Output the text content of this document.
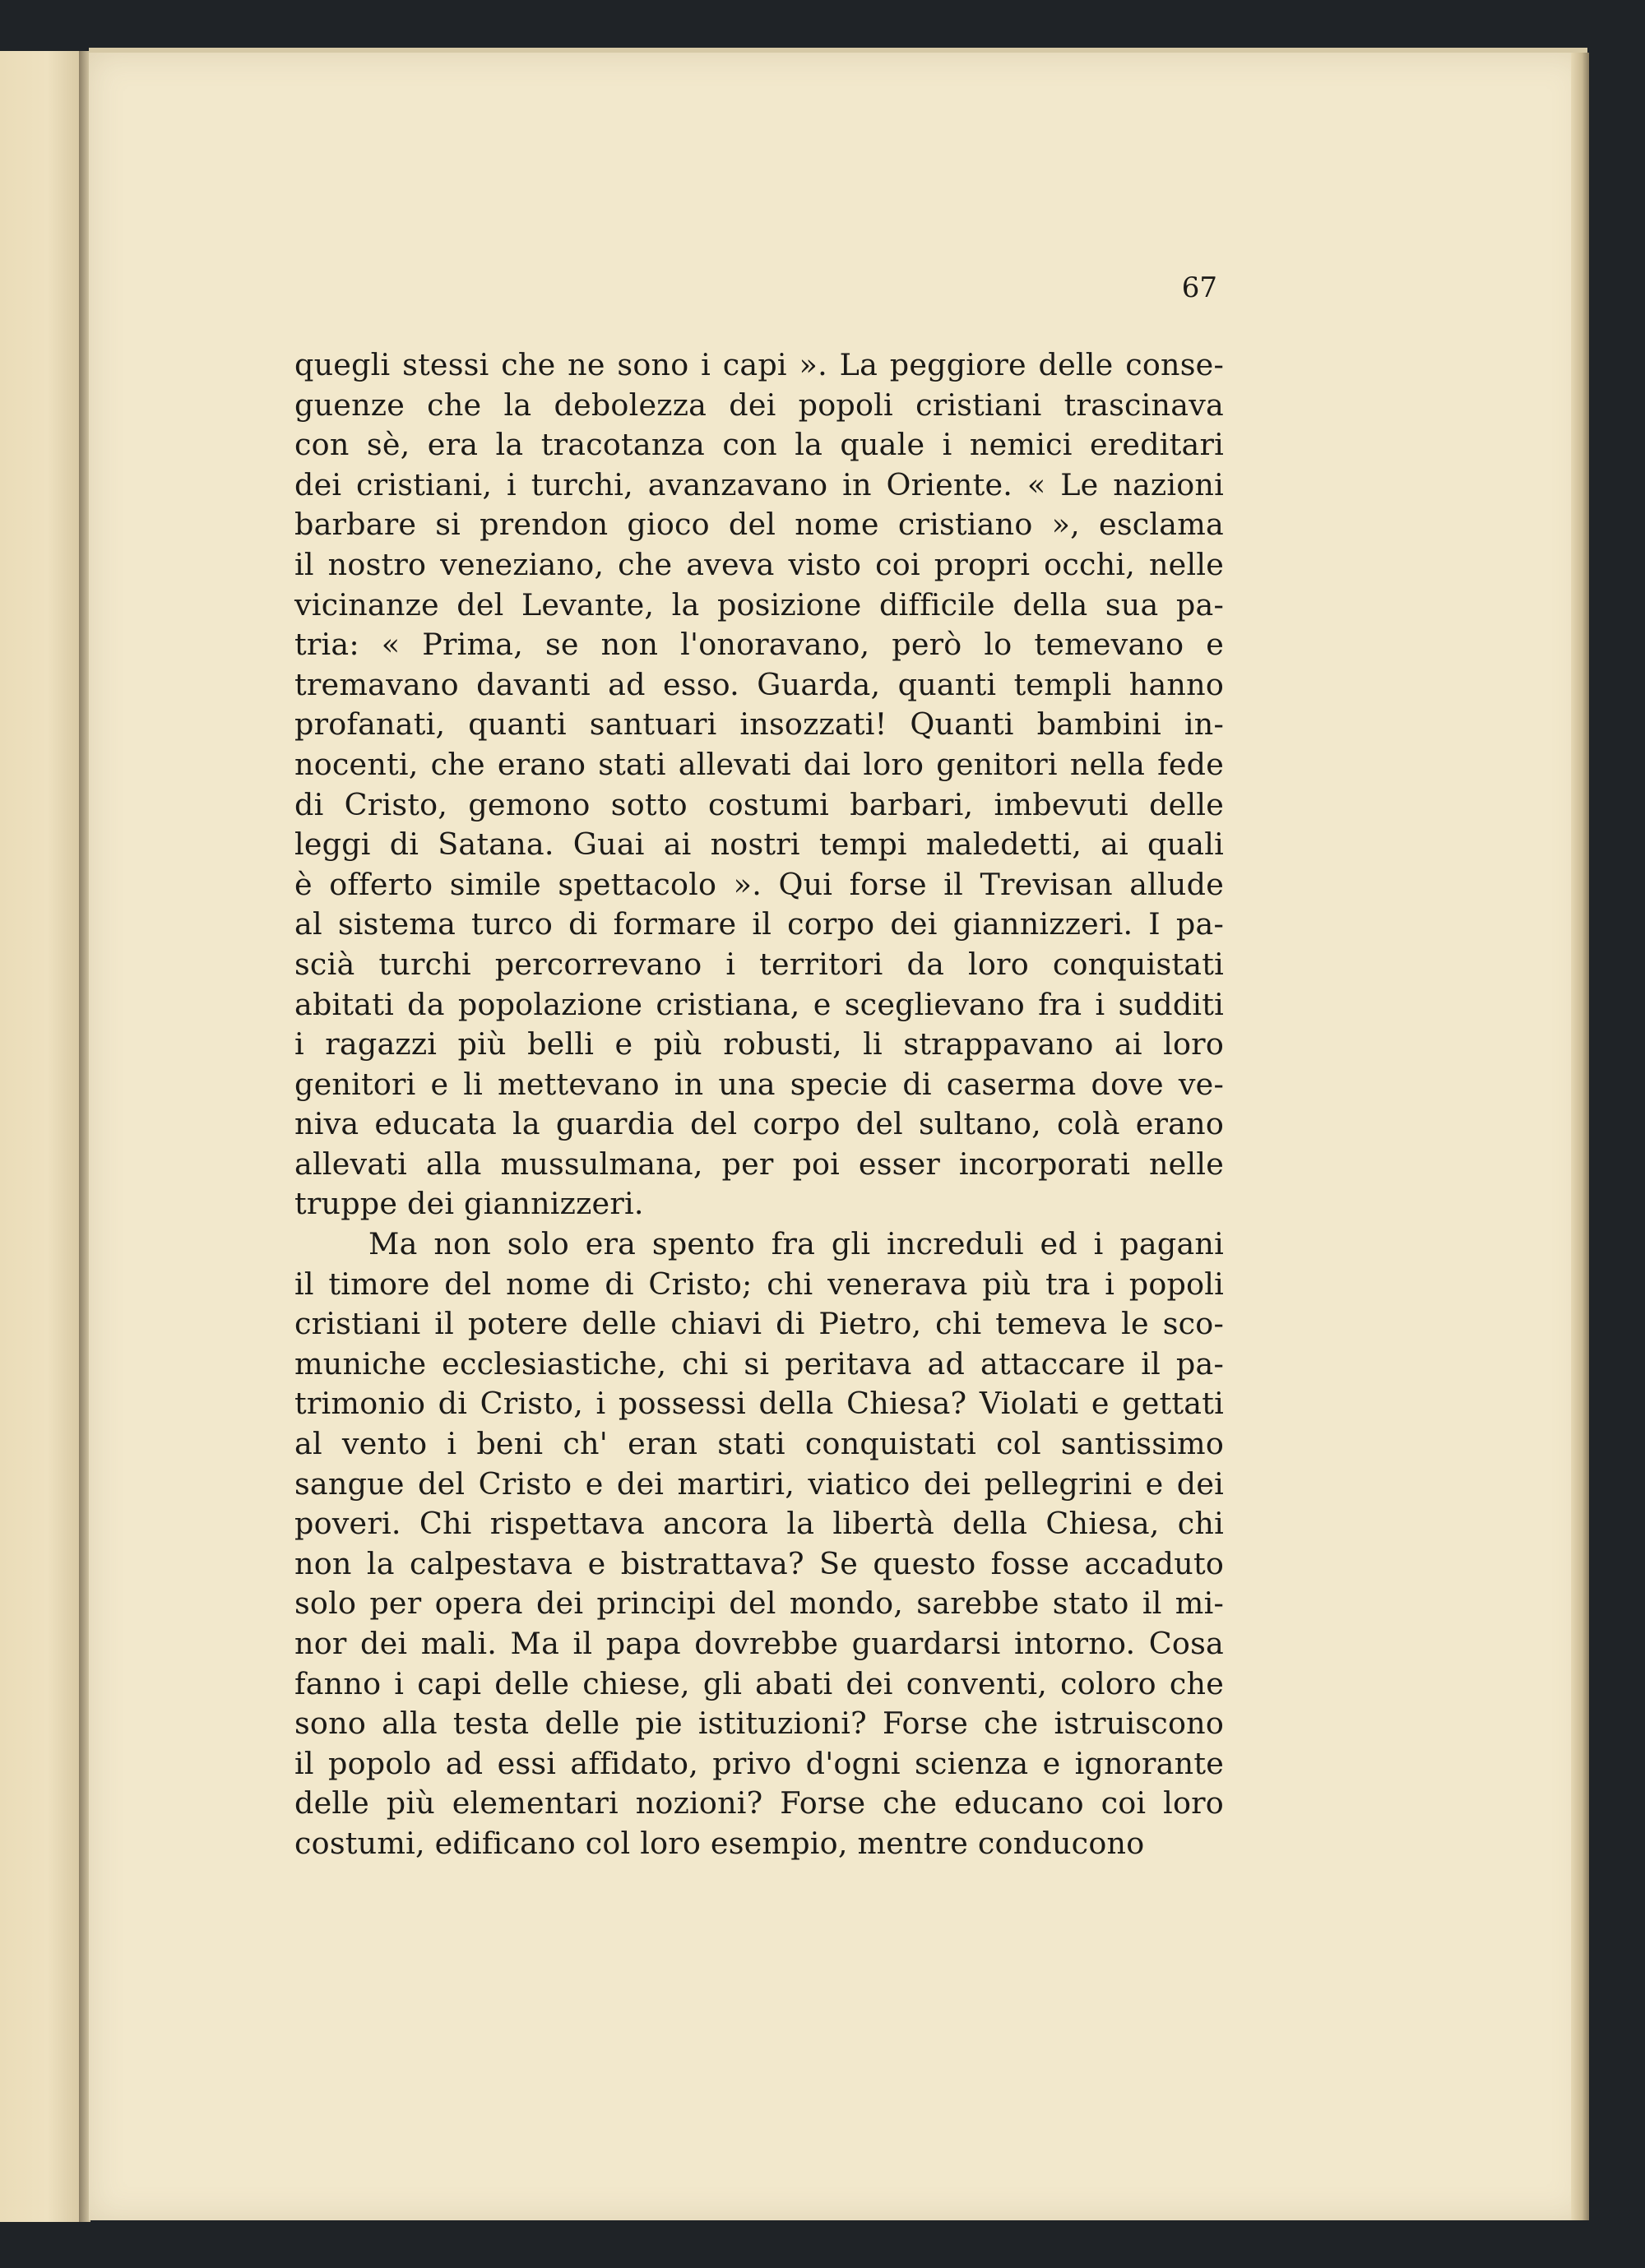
67
quegli stessi che ne sono i capi ». La peggiore delle conse-
guenze che la debolezza dei popoli cristiani trascinava
con sè, era la tracotanza con la quale i nemici ereditari
dei cristiani, i turchi, avanzavano in Oriente. « Le nazioni
barbare si prendon gioco del nome cristiano », esclama
il nostro veneziano, che aveva visto coi propri occhi, nelle
vicinanze del Levante, la posizione difficile della sua pa-
tria: « Prima, se non l'onoravano, però lo temevano e
tremavano davanti ad esso. Guarda, quanti templi hanno
profanati, quanti santuari insozzati! Quanti bambini in-
nocenti, che erano stati allevati dai loro genitori nella fede
di Cristo, gemono sotto costumi barbari, imbevuti delle
leggi di Satana. Guai ai nostri tempi maledetti, ai quali
è offerto simile spettacolo ». Qui forse il Trevisan allude
al sistema turco di formare il corpo dei giannizzeri. I pa-
scià turchi percorrevano i territori da loro conquistati
abitati da popolazione cristiana, e sceglievano fra i sudditi
i ragazzi più belli e più robusti, li strappavano ai loro
genitori e li mettevano in una specie di caserma dove ve-
niva educata la guardia del corpo del sultano, colà erano
allevati alla mussulmana, per poi esser incorporati nelle
truppe dei giannizzeri.
Ma non solo era spento fra gli increduli ed i pagani
il timore del nome di Cristo; chi venerava più tra i popoli
cristiani il potere delle chiavi di Pietro, chi temeva le sco-
muniche ecclesiastiche, chi si peritava ad attaccare il pa-
trimonio di Cristo, i possessi della Chiesa? Violati e gettati
al vento i beni ch' eran stati conquistati col santissimo
sangue del Cristo e dei martiri, viatico dei pellegrini e dei
poveri. Chi rispettava ancora la libertà della Chiesa, chi
non la calpestava e bistrattava? Se questo fosse accaduto
solo per opera dei principi del mondo, sarebbe stato il mi-
nor dei mali. Ma il papa dovrebbe guardarsi intorno. Cosa
fanno i capi delle chiese, gli abati dei conventi, coloro che
sono alla testa delle pie istituzioni? Forse che istruiscono
il popolo ad essi affidato, privo d'ogni scienza e ignorante
delle più elementari nozioni? Forse che educano coi loro
costumi, edificano col loro esempio, mentre conducono
